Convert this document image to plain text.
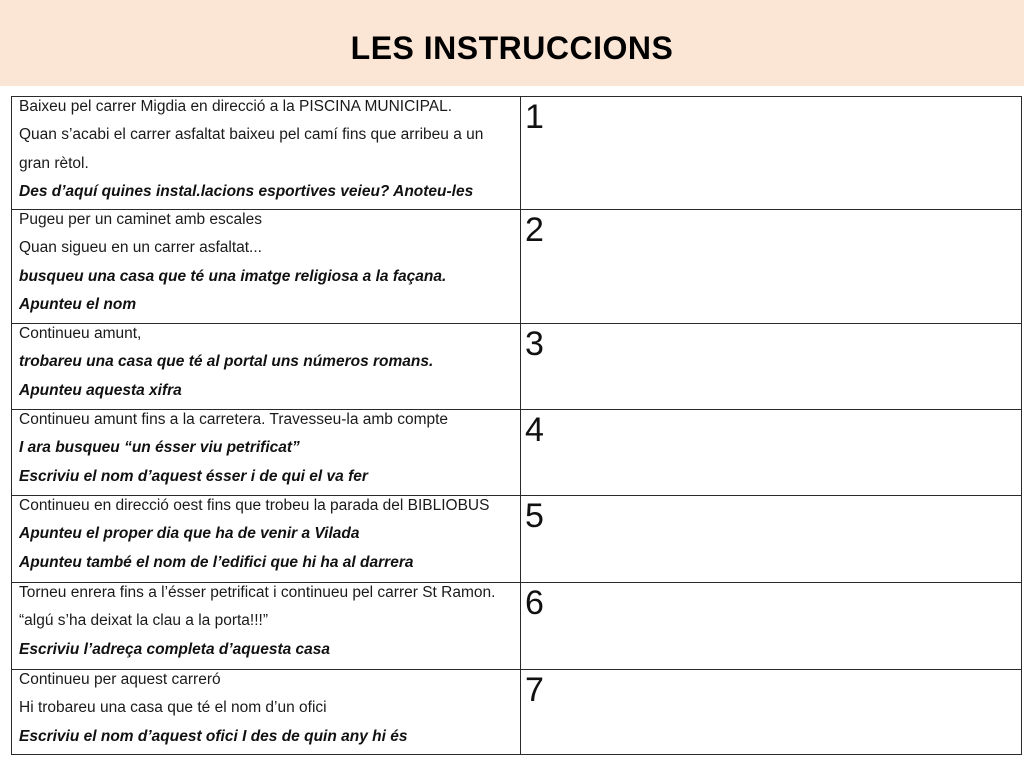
LES INSTRUCCIONS
Baixeu pel carrer Migdia en direcció a la PISCINA MUNICIPAL.
Quan s’acabi el carrer asfaltat baixeu pel camí fins que arribeu a un
gran rètol.
Des d’aquí quines instal.lacions esportives veieu? Anoteu-les	1

Pugeu per un caminet amb escales
Quan sigueu en un carrer asfaltat...
busqueu una casa que té una imatge religiosa a la façana.
Apunteu el nom	2

Continueu amunt,
trobareu una casa que té al portal uns números romans.
Apunteu aquesta xifra	3

Continueu amunt fins a la carretera. Travesseu-la amb compte
I ara busqueu “un ésser viu petrificat”
Escriviu el nom d’aquest ésser i de qui el va fer	4

Continueu en direcció oest fins que trobeu la parada del BIBLIOBUS
Apunteu el proper dia que ha de venir a Vilada
Apunteu també el nom de l’edifici que hi ha al darrera	5

Torneu enrera fins a l’ésser petrificat i continueu pel carrer St Ramon.
“algú s’ha deixat la clau a la porta!!!”
Escriviu l’adreça completa d’aquesta casa	6

Continueu per aquest carreró
Hi trobareu una casa que té el nom d’un ofici
Escriviu el nom d’aquest ofici I des de quin any hi és	7
